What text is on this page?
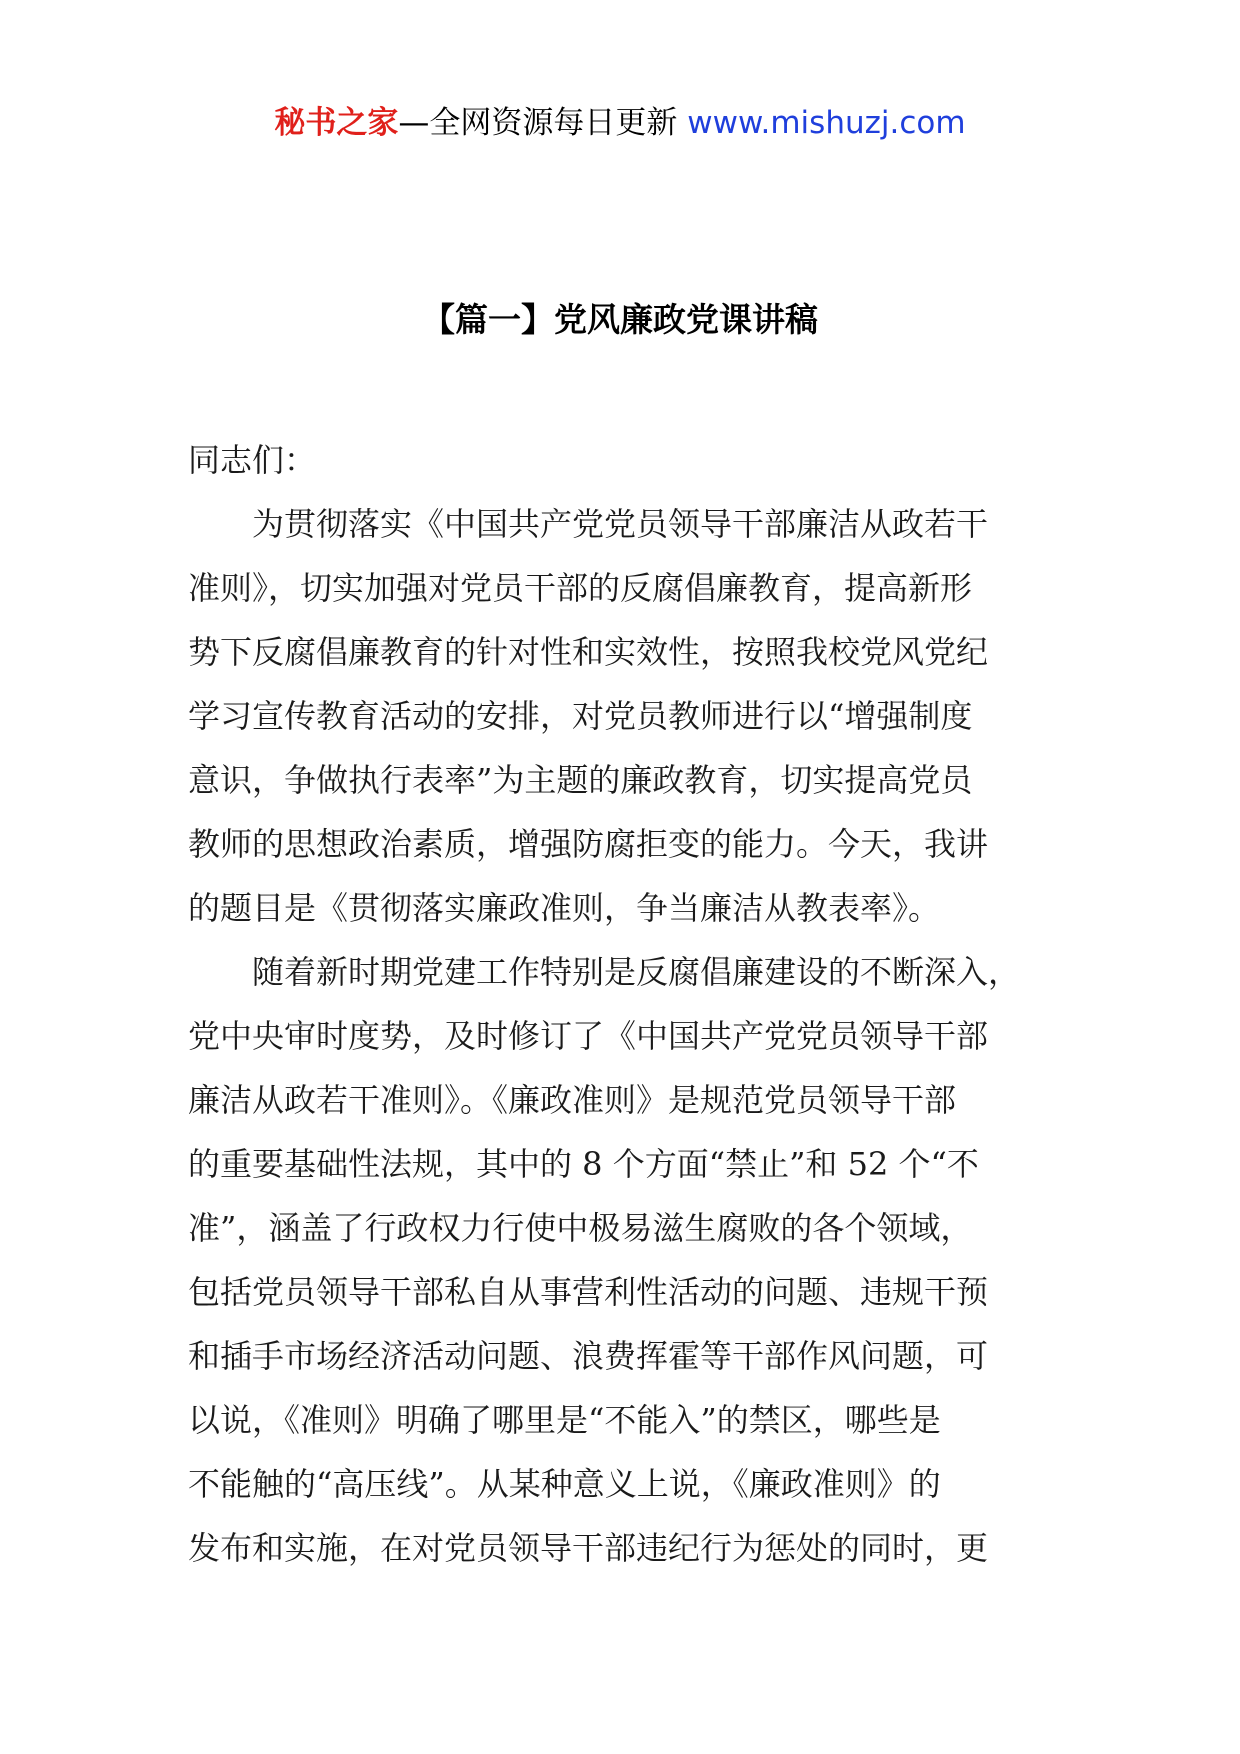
秘书之家—全网资源每日更新 www.mishuzj.com
【篇一】党风廉政党课讲稿
同志们：
为贯彻落实《中国共产党党员领导干部廉洁从政若干
准则》，切实加强对党员干部的反腐倡廉教育，提高新形
势下反腐倡廉教育的针对性和实效性，按照我校党风党纪
学习宣传教育活动的安排，对党员教师进行以“增强制度
意识，争做执行表率”为主题的廉政教育，切实提高党员
教师的思想政治素质，增强防腐拒变的能力。今天，我讲
的题目是《贯彻落实廉政准则，争当廉洁从教表率》。
随着新时期党建工作特别是反腐倡廉建设的不断深入，
党中央审时度势，及时修订了《中国共产党党员领导干部
廉洁从政若干准则》。《廉政准则》是规范党员领导干部
的重要基础性法规，其中的 8 个方面“禁止”和 52 个“不
准”，涵盖了行政权力行使中极易滋生腐败的各个领域，
包括党员领导干部私自从事营利性活动的问题、违规干预
和插手市场经济活动问题、浪费挥霍等干部作风问题，可
以说，《准则》明确了哪里是“不能入”的禁区，哪些是
不能触的“高压线”。从某种意义上说，《廉政准则》的
发布和实施，在对党员领导干部违纪行为惩处的同时，更
